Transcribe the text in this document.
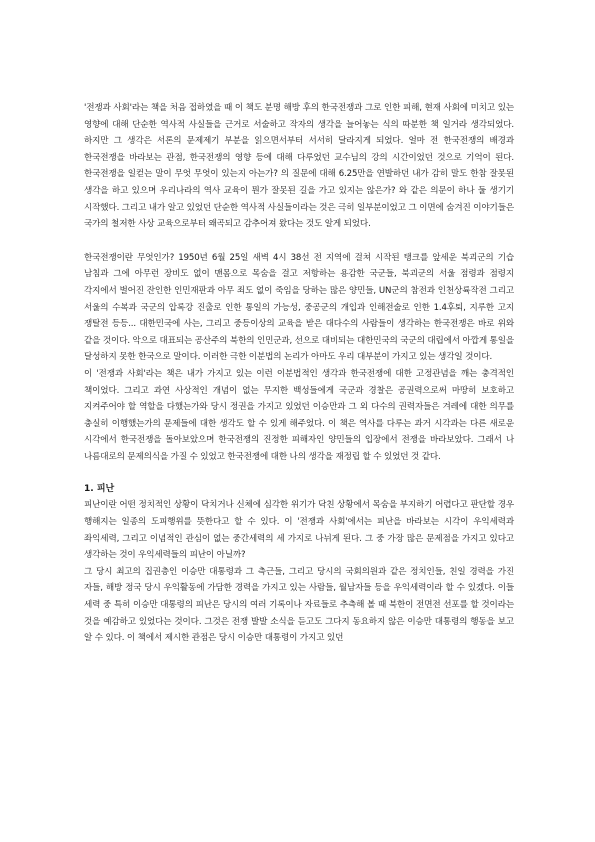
'전쟁과 사회'라는 책을 처음 접하였을 때 이 책도 분명 해방 후의 한국전쟁과 그로 인한 피해, 현재 사회에 미치고 있는 영향에 대해 단순한 역사적 사실들을 근거로 서술하고 작자의 생각을 늘어놓는 식의 따분한 책 일거라 생각되었다. 하지만 그 생각은 서론의 문제제기 부분을 읽으면서부터 서서히 달라지게 되었다. 얼마 전 한국전쟁의 배경과 한국전쟁을 바라보는 관점, 한국전쟁의 영향 등에 대해 다루었던 교수님의 강의 시간이었던 것으로 기억이 된다. 한국전쟁을 일컫는 말이 무엇 무엇이 있는지 아는가? 의 질문에 대해 6.25만을 연발하던 내가 감히 말도 한참 잘못된 생각을 하고 있으며 우리나라의 역사 교육이 뭔가 잘못된 길을 가고 있지는 않은가? 와 같은 의문이 하나 둘 생기기 시작했다. 그리고 내가 알고 있었던 단순한 역사적 사실들이라는 것은 극히 일부분이었고 그 이면에 숨겨진 이야기들은 국가의 철저한 사상 교육으로부터 왜곡되고 감추어져 왔다는 것도 알게 되었다.

한국전쟁이란 무엇인가? 1950년 6월 25일 새벽 4시 38선 전 지역에 걸쳐 시작된 탱크를 앞세운 북괴군의 기습 남침과 그에 아무런 장비도 없이 맨몸으로 목숨을 걸고 저항하는 용감한 국군들, 북괴군의 서울 점령과 점령지 각지에서 벌어진 잔인한 인민재판과 아무 죄도 없이 죽임을 당하는 많은 양민들, UN군의 참전과 인천상륙작전 그리고 서울의 수복과 국군의 압록강 진출로 인한 통일의 가능성, 중공군의 개입과 인해전술로 인한 1.4후퇴, 지루한 고지 쟁탈전 등등... 대한민국에 사는, 그리고 중등이상의 교육을 받은 대다수의 사람들이 생각하는 한국전쟁은 바로 위와 같을 것이다. 악으로 대표되는 공산주의 북한의 인민군과, 선으로 대비되는 대한민국의 국군의 대립에서 아깝게 통일을 달성하지 못한 한국으로 말이다. 이러한 극한 이분법의 논리가 아마도 우리 대부분이 가지고 있는 생각일 것이다.

이 '전쟁과 사회'라는 책은 내가 가지고 있는 이런 이분법적인 생각과 한국전쟁에 대한 고정관념을 깨는 충격적인 책이었다. 그리고 과연 사상적인 개념이 없는 무지한 백성들에게 국군과 경찰은 공권력으로써 마땅히 보호하고 지켜주어야 할 역할을 다했는가와 당시 정권을 가지고 있었던 이승만과 그 외 다수의 권력자들은 겨레에 대한 의무를 충실히 이행했는가의 문제들에 대한 생각도 할 수 있게 해주었다. 이 책은 역사를 다루는 과거 시각과는 다른 새로운 시각에서 한국전쟁을 돌아보았으며 한국전쟁의 진정한 피해자인 양민들의 입장에서 전쟁을 바라보았다. 그래서 나 나름대로의 문제의식을 가질 수 있었고 한국전쟁에 대한 나의 생각을 재정립 할 수 있었던 것 같다.

1. 피난

피난이란 어떤 정치적인 상황이 닥치거나 신체에 심각한 위기가 닥친 상황에서 목숨을 부지하기 어렵다고 판단할 경우 행해지는 일종의 도피행위를 뜻한다고 할 수 있다. 이 '전쟁과 사회'에서는 피난을 바라보는 시각이 우익세력과 좌익세력, 그리고 이념적인 관심이 없는 중간세력의 세 가지로 나뉘게 된다. 그 중 가장 많은 문제점을 가지고 있다고 생각하는 것이 우익세력들의 피난이 아닐까?

그 당시 최고의 집권층인 이승만 대통령과 그 측근들, 그리고 당시의 국회의원과 같은 정치인들, 친일 경력을 가진 자들, 해방 정국 당시 우익활동에 가담한 경력을 가지고 있는 사람들, 월남자들 등을 우익세력이라 할 수 있겠다. 이들 세력 중 특히 이승만 대통령의 피난은 당시의 여러 기록이나 자료들로 추측해 볼 때 북한이 전면전 선포를 할 것이라는 것을 예감하고 있었다는 것이다. 그것은 전쟁 발발 소식을 듣고도 그다지 동요하지 않은 이승만 대통령의 행동을 보고 알 수 있다. 이 책에서 제시한 관점은 당시 이승만 대통령이 가지고 있던
